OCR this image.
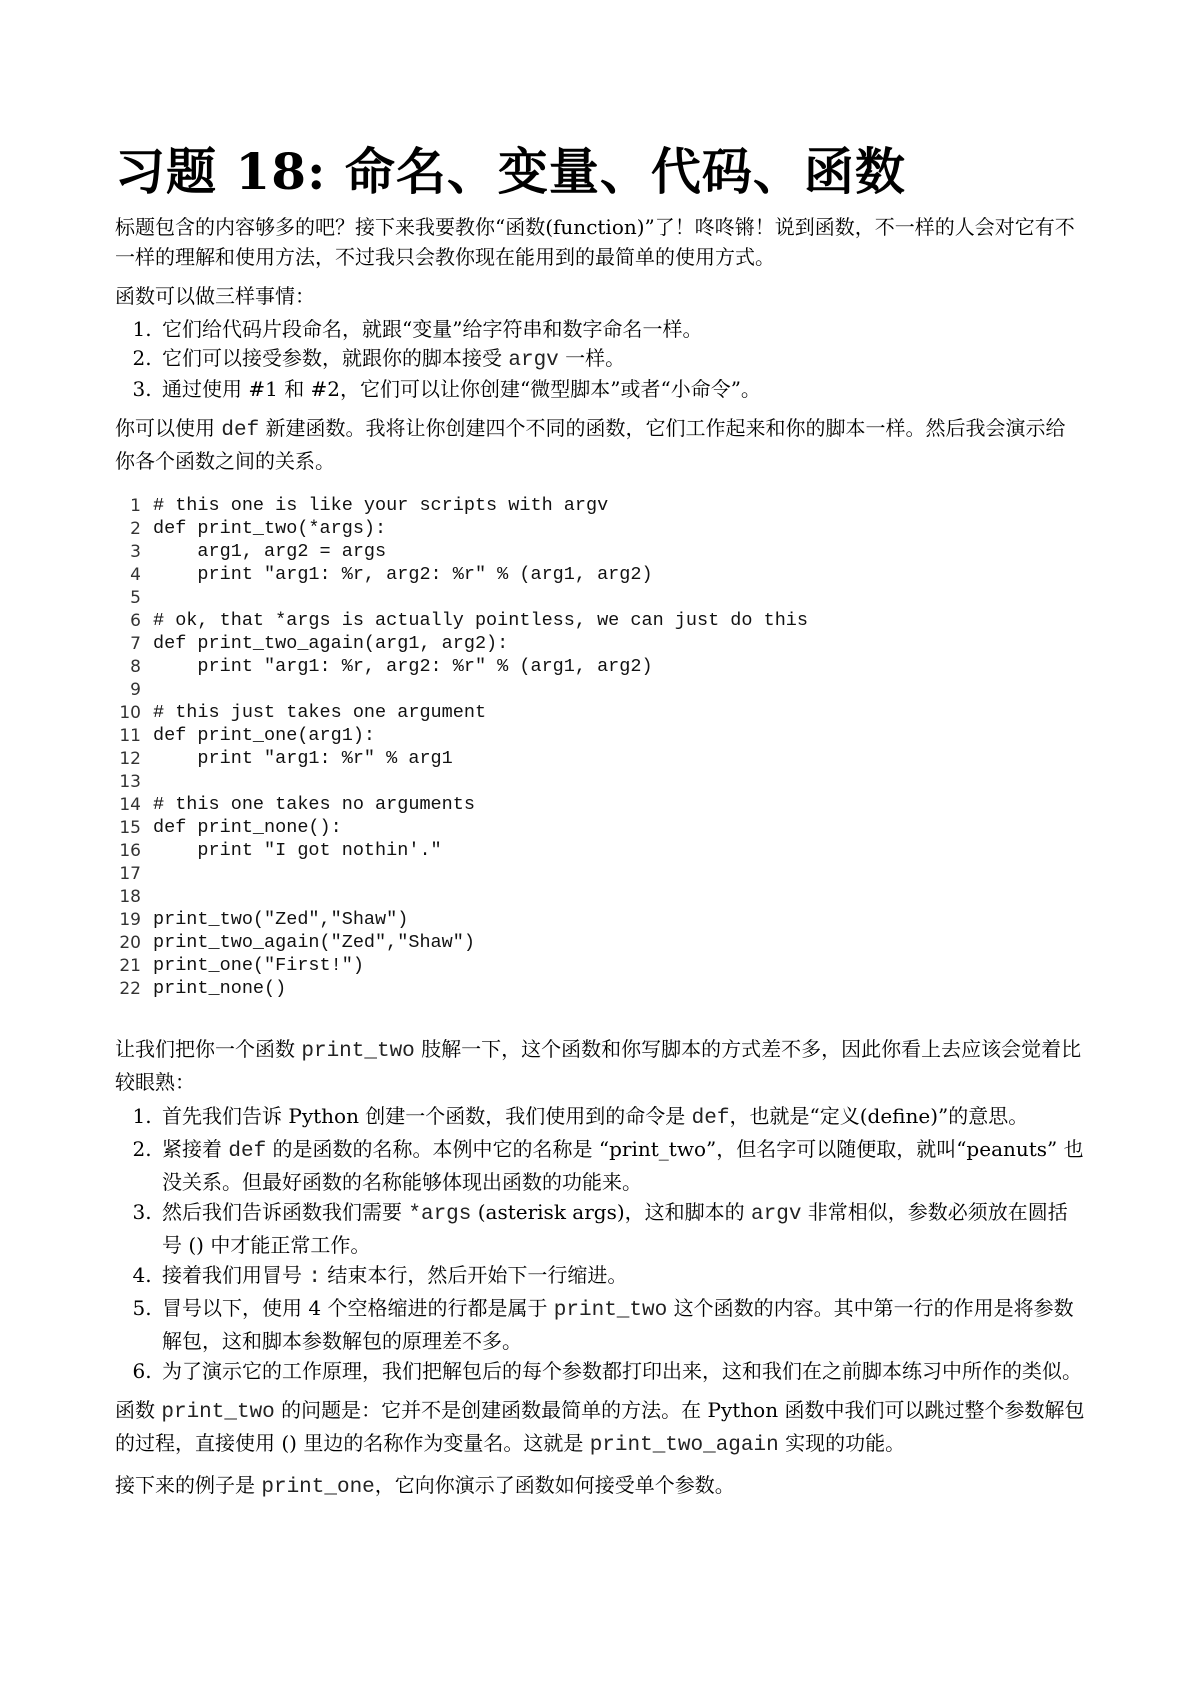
习题 18: 命名、变量、代码、函数

标题包含的内容够多的吧？接下来我要教你“函数(function)”了！咚咚锵！说到函数，不一样的人会对它有不一样的理解和使用方法，不过我只会教你现在能用到的最简单的使用方式。

函数可以做三样事情：

1. 它们给代码片段命名，就跟“变量”给字符串和数字命名一样。
2. 它们可以接受参数，就跟你的脚本接受 argv 一样。
3. 通过使用 #1 和 #2，它们可以让你创建“微型脚本”或者“小命令”。

你可以使用 def 新建函数。我将让你创建四个不同的函数，它们工作起来和你的脚本一样。然后我会演示给你各个函数之间的关系。

1 # this one is like your scripts with argv
2 def print_two(*args):
3 arg1, arg2 = args
4 print "arg1: %r, arg2: %r" % (arg1, arg2)
5
6 # ok, that *args is actually pointless, we can just do this
7 def print_two_again(arg1, arg2):
8 print "arg1: %r, arg2: %r" % (arg1, arg2)
9
10 # this just takes one argument
11 def print_one(arg1):
12 print "arg1: %r" % arg1
13
14 # this one takes no arguments
15 def print_none():
16 print "I got nothin'."
17
18
19 print_two("Zed","Shaw")
20 print_two_again("Zed","Shaw")
21 print_one("First!")
22 print_none()

让我们把你一个函数 print_two 肢解一下，这个函数和你写脚本的方式差不多，因此你看上去应该会觉着比较眼熟：

1. 首先我们告诉 Python 创建一个函数，我们使用到的命令是 def，也就是“定义(define)”的意思。
2. 紧接着 def 的是函数的名称。本例中它的名称是 “print_two”，但名字可以随便取，就叫“peanuts” 也没关系。但最好函数的名称能够体现出函数的功能来。
3. 然后我们告诉函数我们需要 *args (asterisk args)，这和脚本的 argv 非常相似，参数必须放在圆括号 () 中才能正常工作。
4. 接着我们用冒号 : 结束本行，然后开始下一行缩进。
5. 冒号以下，使用 4 个空格缩进的行都是属于 print_two 这个函数的内容。其中第一行的作用是将参数解包，这和脚本参数解包的原理差不多。
6. 为了演示它的工作原理，我们把解包后的每个参数都打印出来，这和我们在之前脚本练习中所作的类似。

函数 print_two 的问题是：它并不是创建函数最简单的方法。在 Python 函数中我们可以跳过整个参数解包的过程，直接使用 () 里边的名称作为变量名。这就是 print_two_again 实现的功能。

接下来的例子是 print_one，它向你演示了函数如何接受单个参数。
